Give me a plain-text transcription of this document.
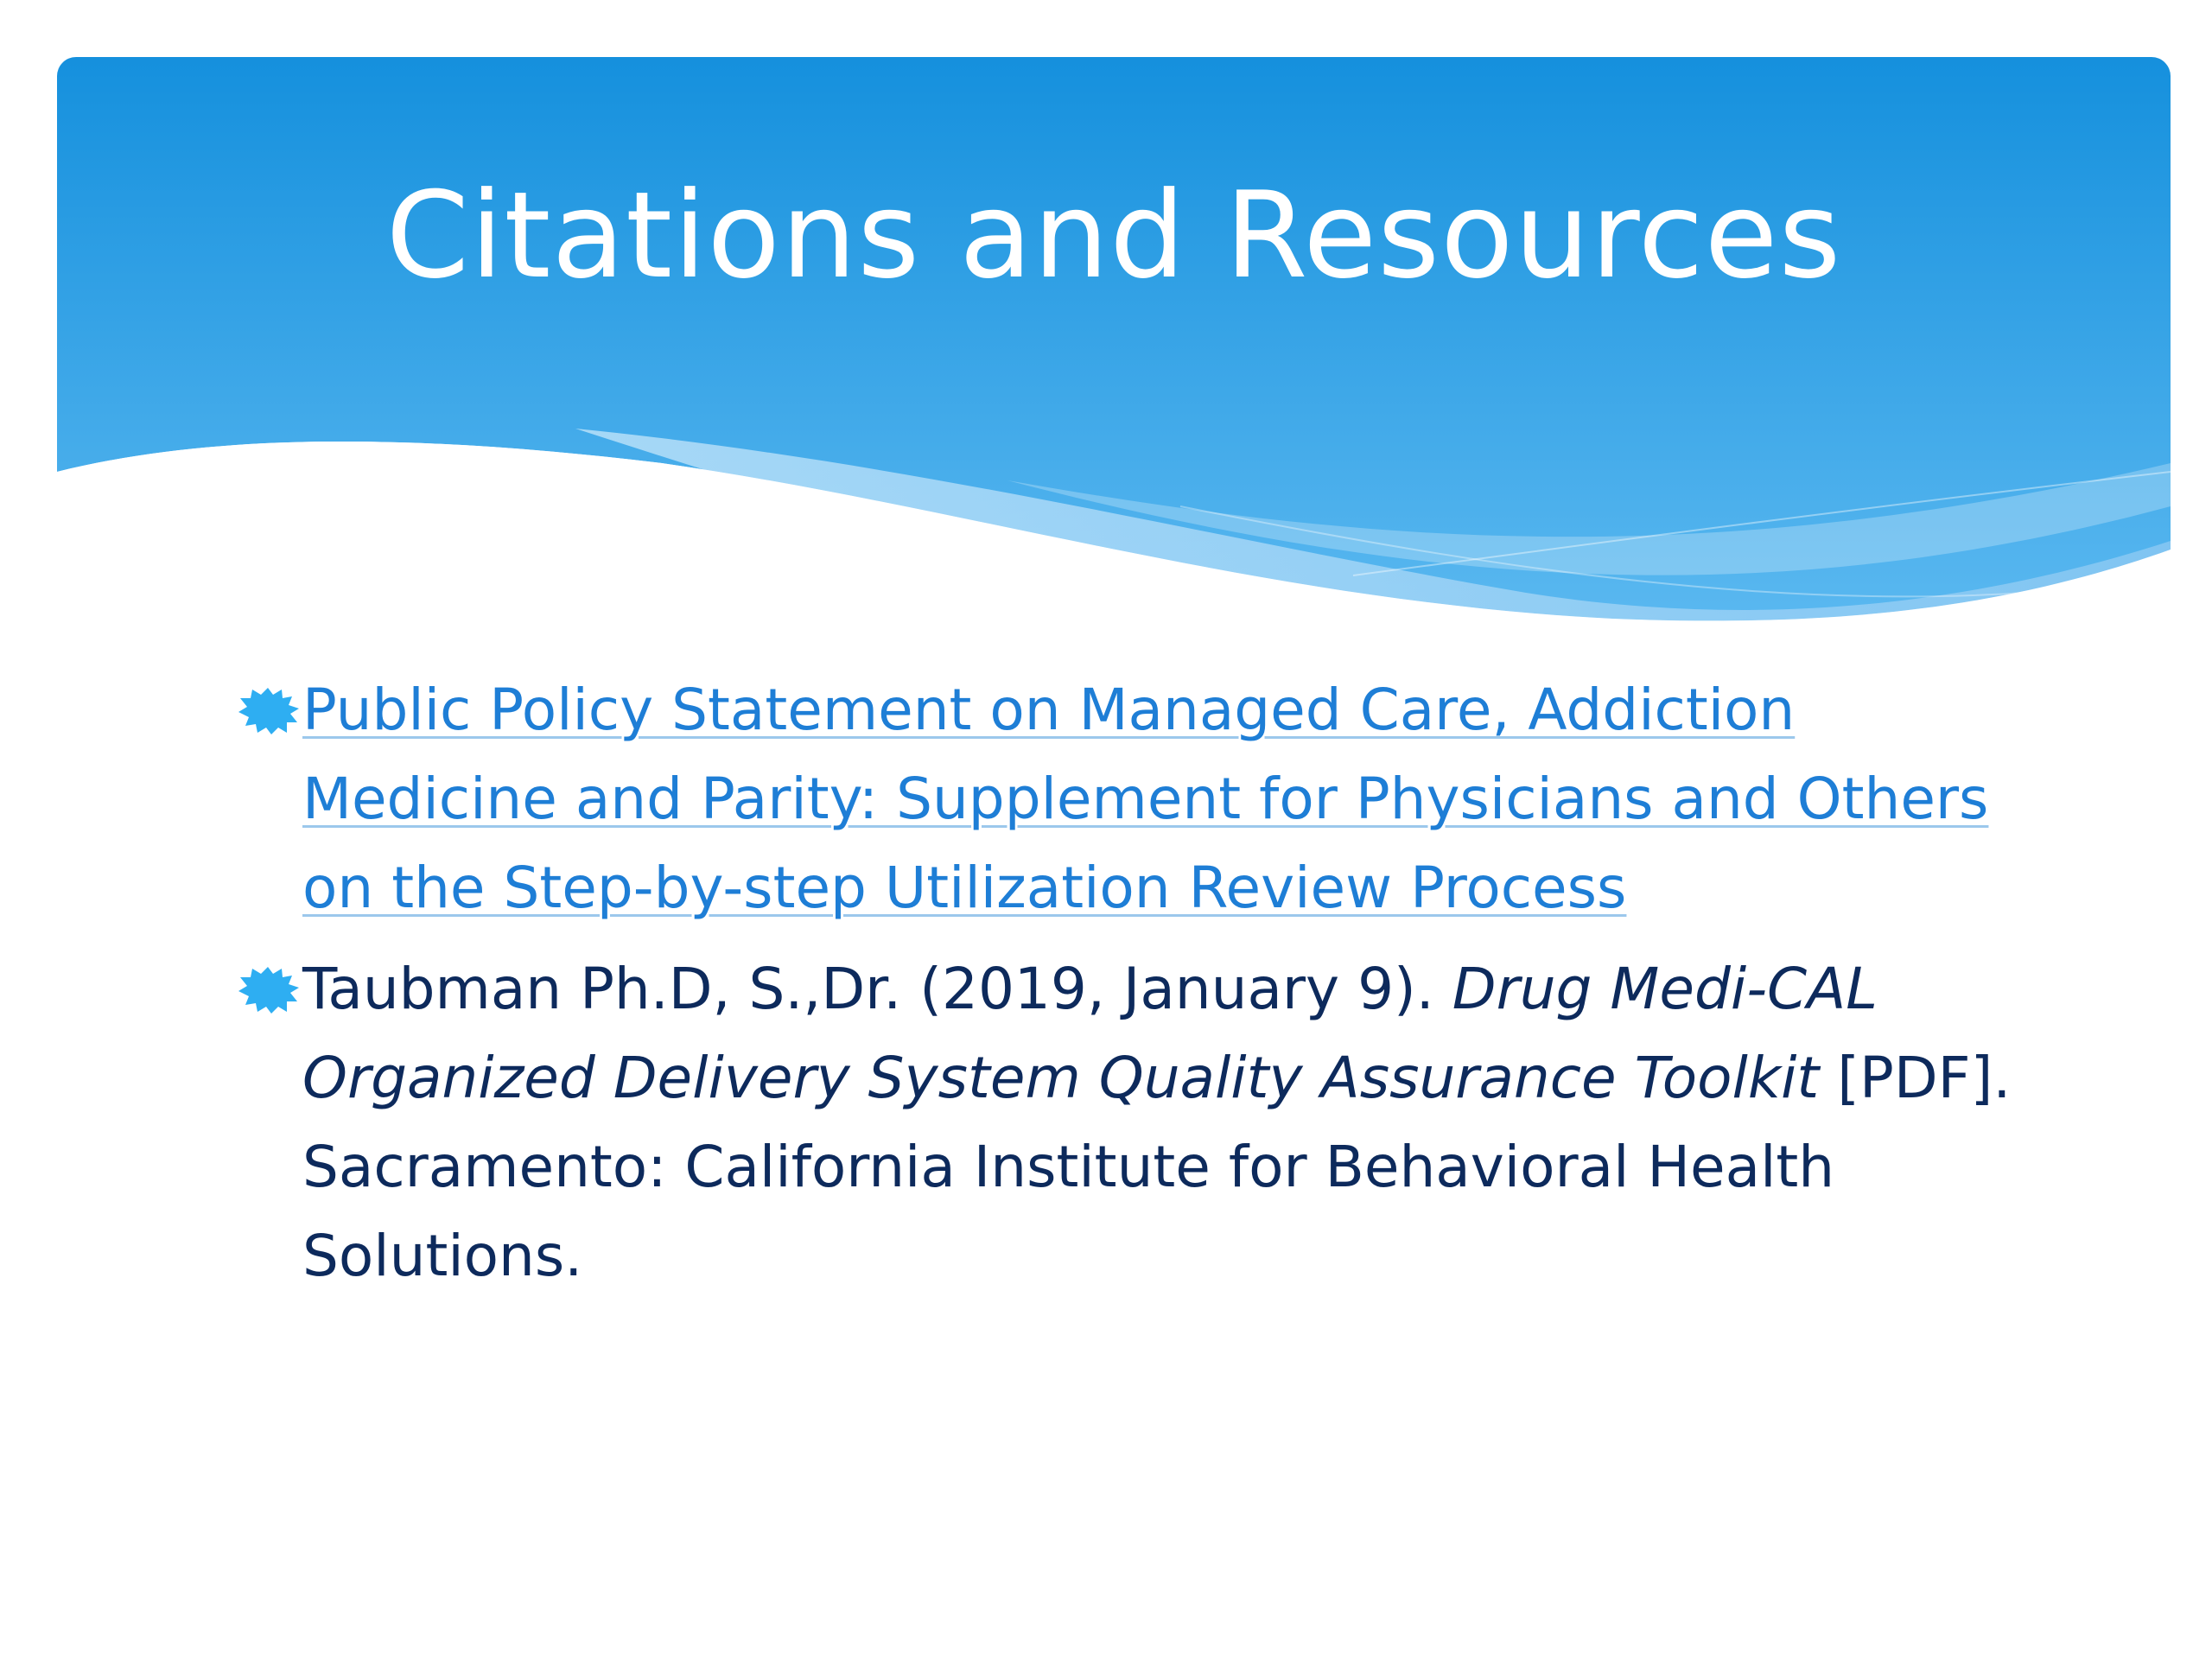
Citations and Resources
Public Policy Statement on Managed Care, Addiction Medicine and Parity: Supplement for Physicians and Others on the Step-by-step Utilization Review Process
Taubman Ph.D, S.,Dr. (2019, January 9). Drug Medi-CAL Organized Delivery System Quality Assurance Toolkit [PDF]. Sacramento: California Institute for Behavioral Health Solutions.
